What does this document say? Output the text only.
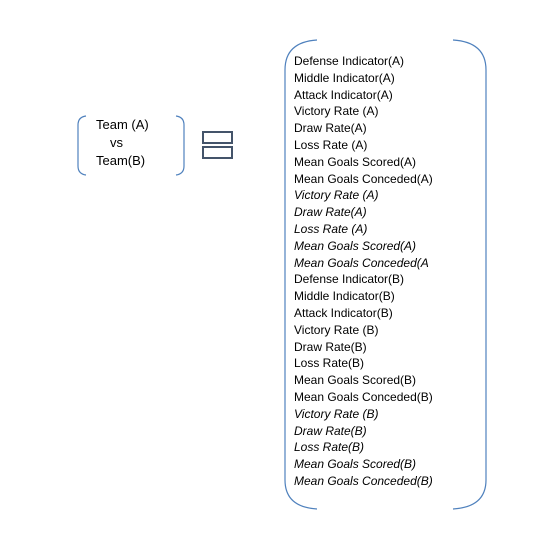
Team (A)
vs
Team(B)
Defense Indicator(A)
Middle Indicator(A)
Attack Indicator(A)
Victory Rate (A)
Draw Rate(A)
Loss Rate (A)
Mean Goals Scored(A)
Mean Goals Conceded(A)
Victory Rate (A)
Draw Rate(A)
Loss Rate (A)
Mean Goals Scored(A)
Mean Goals Conceded(A
Defense Indicator(B)
Middle Indicator(B)
Attack Indicator(B)
Victory Rate (B)
Draw Rate(B)
Loss Rate(B)
Mean Goals Scored(B)
Mean Goals Conceded(B)
Victory Rate (B)
Draw Rate(B)
Loss Rate(B)
Mean Goals Scored(B)
Mean Goals Conceded(B)
